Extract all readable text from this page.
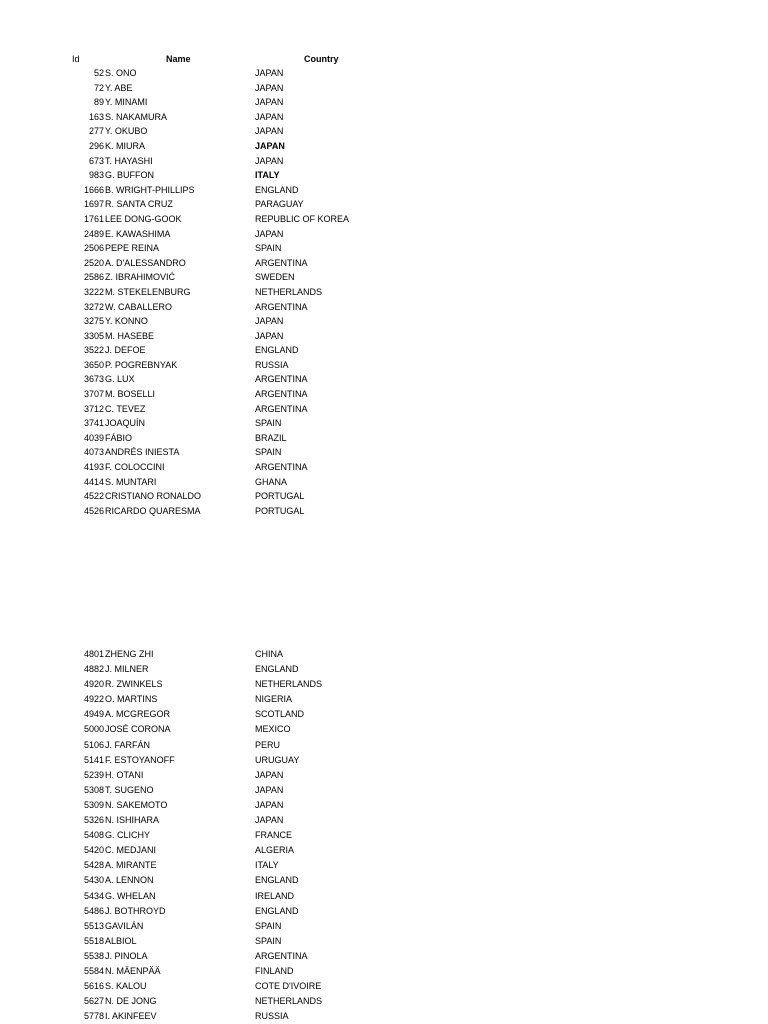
Id	Name	Country
52 S. ONO	JAPAN
72 Y. ABE	JAPAN
89 Y. MINAMI	JAPAN
163 S. NAKAMURA	JAPAN
277 Y. OKUBO	JAPAN
296 K. MIURA	JAPAN
673 T. HAYASHI	JAPAN
983 G. BUFFON	ITALY
1666 B. WRIGHT-PHILLIPS	ENGLAND
1697 R. SANTA CRUZ	PARAGUAY
1761 LEE DONG-GOOK	REPUBLIC OF KOREA
2489 E. KAWASHIMA	JAPAN
2506 PEPE REINA	SPAIN
2520 A. D'ALESSANDRO	ARGENTINA
2586 Z. IBRAHIMOVIĆ	SWEDEN
3222 M. STEKELENBURG	NETHERLANDS
3272 W. CABALLERO	ARGENTINA
3275 Y. KONNO	JAPAN
3305 M. HASEBE	JAPAN
3522 J. DEFOE	ENGLAND
3650 P. POGREBNYAK	RUSSIA
3673 G. LUX	ARGENTINA
3707 M. BOSELLI	ARGENTINA
3712 C. TEVEZ	ARGENTINA
3741 JOAQUÍN	SPAIN
4039 FÁBIO	BRAZIL
4073 ANDRÉS INIESTA	SPAIN
4193 F. COLOCCINI	ARGENTINA
4414 S. MUNTARI	GHANA
4522 CRISTIANO RONALDO	PORTUGAL
4526 RICARDO QUARESMA	PORTUGAL
4801 ZHENG ZHI	CHINA
4882 J. MILNER	ENGLAND
4920 R. ZWINKELS	NETHERLANDS
4922 O. MARTINS	NIGERIA
4949 A. MCGREGOR	SCOTLAND
5000 JOSÉ CORONA	MEXICO
5106 J. FARFÁN	PERU
5141 F. ESTOYANOFF	URUGUAY
5239 H. OTANI	JAPAN
5308 T. SUGENO	JAPAN
5309 N. SAKEMOTO	JAPAN
5326 N. ISHIHARA	JAPAN
5408 G. CLICHY	FRANCE
5420 C. MEDJANI	ALGERIA
5428 A. MIRANTE	ITALY
5430 A. LENNON	ENGLAND
5434 G. WHELAN	IRELAND
5486 J. BOTHROYD	ENGLAND
5513 GAVILÁN	SPAIN
5518 ALBIOL	SPAIN
5538 J. PINOLA	ARGENTINA
5584 N. MÄENPÄÄ	FINLAND
5616 S. KALOU	COTE D'IVOIRE
5627 N. DE JONG	NETHERLANDS
5778 I. AKINFEEV	RUSSIA
